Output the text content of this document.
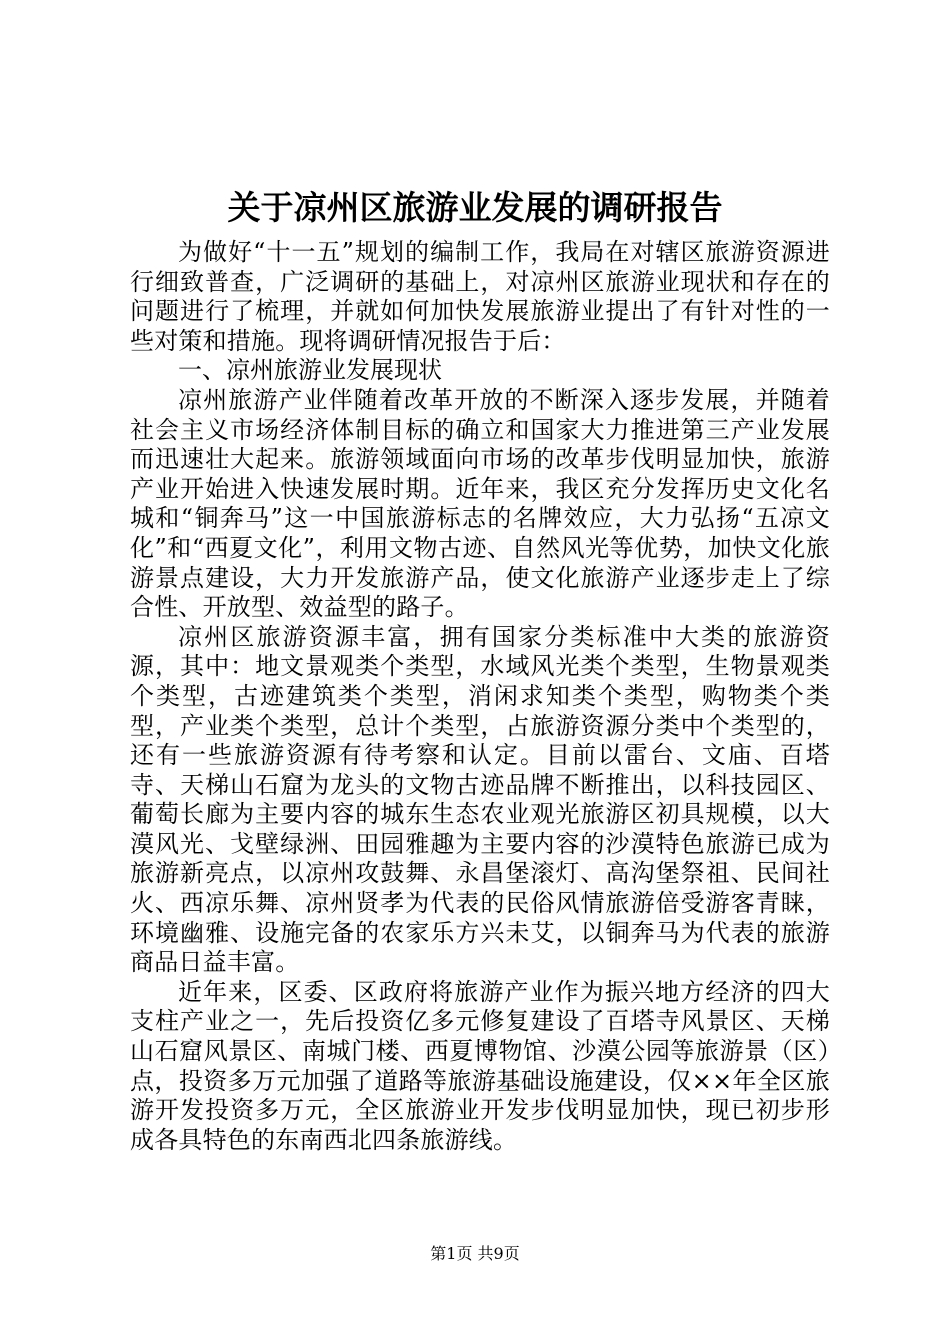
关于凉州区旅游业发展的调研报告

为做好“十一五”规划的编制工作，我局在对辖区旅游资源进行细致普查，广泛调研的基础上，对凉州区旅游业现状和存在的问题进行了梳理，并就如何加快发展旅游业提出了有针对性的一些对策和措施。现将调研情况报告于后：

一、凉州旅游业发展现状

凉州旅游产业伴随着改革开放的不断深入逐步发展，并随着社会主义市场经济体制目标的确立和国家大力推进第三产业发展而迅速壮大起来。旅游领域面向市场的改革步伐明显加快，旅游产业开始进入快速发展时期。近年来，我区充分发挥历史文化名城和“铜奔马”这一中国旅游标志的名牌效应，大力弘扬“五凉文化”和“西夏文化”，利用文物古迹、自然风光等优势，加快文化旅游景点建设，大力开发旅游产品，使文化旅游产业逐步走上了综合性、开放型、效益型的路子。

凉州区旅游资源丰富，拥有国家分类标准中大类的旅游资源，其中：地文景观类个类型，水域风光类个类型，生物景观类个类型，古迹建筑类个类型，消闲求知类个类型，购物类个类型，产业类个类型，总计个类型，占旅游资源分类中个类型的，还有一些旅游资源有待考察和认定。目前以雷台、文庙、百塔寺、天梯山石窟为龙头的文物古迹品牌不断推出，以科技园区、葡萄长廊为主要内容的城东生态农业观光旅游区初具规模，以大漠风光、戈壁绿洲、田园雅趣为主要内容的沙漠特色旅游已成为旅游新亮点，以凉州攻鼓舞、永昌堡滚灯、高沟堡祭祖、民间社火、西凉乐舞、凉州贤孝为代表的民俗风情旅游倍受游客青睐，环境幽雅、设施完备的农家乐方兴未艾，以铜奔马为代表的旅游商品日益丰富。

近年来，区委、区政府将旅游产业作为振兴地方经济的四大支柱产业之一，先后投资亿多元修复建设了百塔寺风景区、天梯山石窟风景区、南城门楼、西夏博物馆、沙漠公园等旅游景（区）点，投资多万元加强了道路等旅游基础设施建设，仅××年全区旅游开发投资多万元，全区旅游业开发步伐明显加快，现已初步形成各具特色的东南西北四条旅游线。

第1页 共9页
